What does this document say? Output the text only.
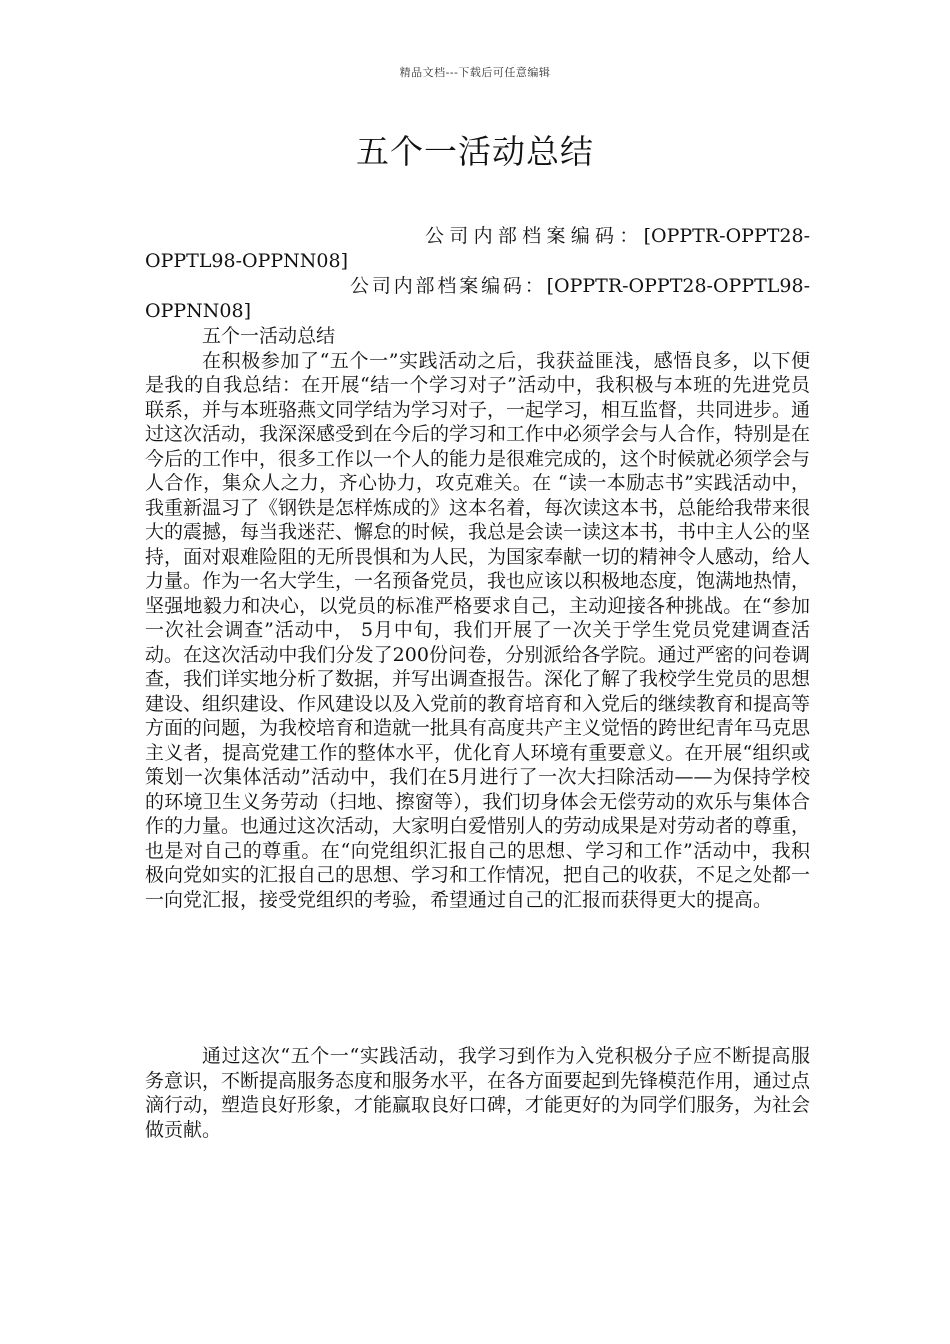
精品文档---下载后可任意编辑
五个一活动总结

公司内部档案编码：[OPPTR-OPPT28-OPPTL98-OPPNN08]

公司内部档案编码：[OPPTR-OPPT28-OPPTL98-OPPNN08]

五个一活动总结

在积极参加了“五个一”实践活动之后，我获益匪浅，感悟良多，以下便是我的自我总结：在开展“结一个学习对子”活动中，我积极与本班的先进党员联系，并与本班骆燕文同学结为学习对子，一起学习，相互监督，共同进步。通过这次活动，我深深感受到在今后的学习和工作中必须学会与人合作，特别是在今后的工作中，很多工作以一个人的能力是很难完成的，这个时候就必须学会与人合作，集众人之力，齐心协力，攻克难关。在 “读一本励志书”实践活动中，我重新温习了《钢铁是怎样炼成的》这本名着，每次读这本书，总能给我带来很大的震撼，每当我迷茫、懈怠的时候，我总是会读一读这本书，书中主人公的坚持，面对艰难险阻的无所畏惧和为人民，为国家奉献一切的精神令人感动，给人力量。作为一名大学生，一名预备党员，我也应该以积极地态度，饱满地热情，坚强地毅力和决心，以党员的标准严格要求自己，主动迎接各种挑战。在“参加一次社会调查”活动中， 5月中旬，我们开展了一次关于学生党员党建调查活动。在这次活动中我们分发了200份问卷，分别派给各学院。通过严密的问卷调查，我们详实地分析了数据，并写出调查报告。深化了解了我校学生党员的思想建设、组织建设、作风建设以及入党前的教育培育和入党后的继续教育和提高等方面的问题，为我校培育和造就一批具有高度共产主义觉悟的跨世纪青年马克思主义者，提高党建工作的整体水平，优化育人环境有重要意义。在开展“组织或策划一次集体活动”活动中，我们在5月进行了一次大扫除活动——为保持学校的环境卫生义务劳动（扫地、擦窗等），我们切身体会无偿劳动的欢乐与集体合作的力量。也通过这次活动，大家明白爱惜别人的劳动成果是对劳动者的尊重，也是对自己的尊重。在“向党组织汇报自己的思想、学习和工作”活动中，我积极向党如实的汇报自己的思想、学习和工作情况，把自己的收获，不足之处都一一向党汇报，接受党组织的考验，希望通过自己的汇报而获得更大的提高。

通过这次“五个一“实践活动，我学习到作为入党积极分子应不断提高服务意识，不断提高服务态度和服务水平，在各方面要起到先锋模范作用，通过点滴行动，塑造良好形象，才能赢取良好口碑，才能更好的为同学们服务，为社会做贡献。
